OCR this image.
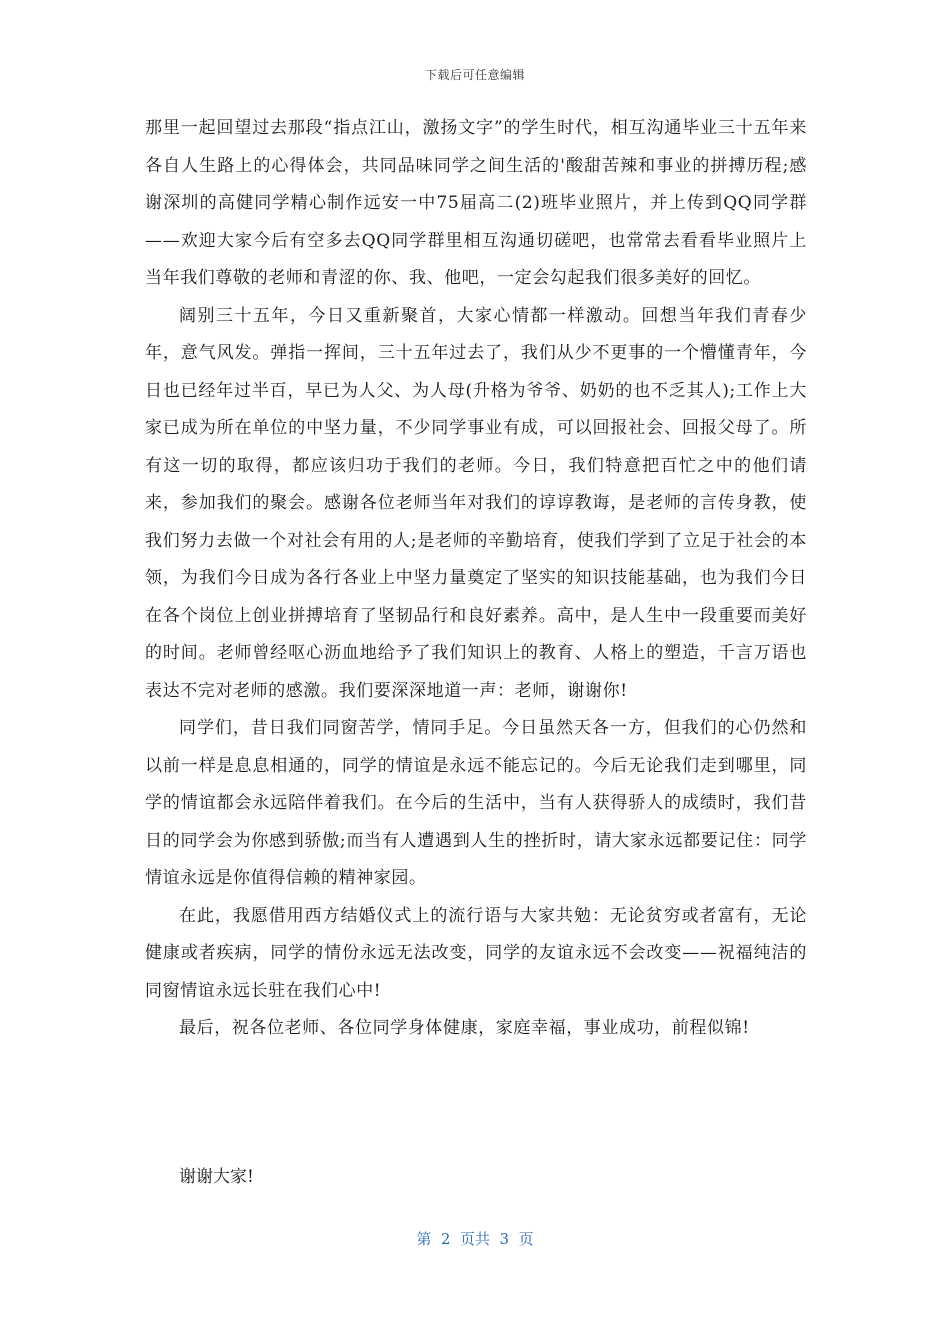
下载后可任意编辑

那里一起回望过去那段“指点江山，激扬文字”的学生时代，相互沟通毕业三十五年来各自人生路上的心得体会，共同品味同学之间生活的'酸甜苦辣和事业的拼搏历程;感谢深圳的高健同学精心制作远安一中75届高二(2)班毕业照片，并上传到QQ同学群——欢迎大家今后有空多去QQ同学群里相互沟通切磋吧，也常常去看看毕业照片上当年我们尊敬的老师和青涩的你、我、他吧，一定会勾起我们很多美好的回忆。

阔别三十五年，今日又重新聚首，大家心情都一样激动。回想当年我们青春少年，意气风发。弹指一挥间，三十五年过去了，我们从少不更事的一个懵懂青年，今日也已经年过半百，早已为人父、为人母(升格为爷爷、奶奶的也不乏其人);工作上大家已成为所在单位的中坚力量，不少同学事业有成，可以回报社会、回报父母了。所有这一切的取得，都应该归功于我们的老师。今日，我们特意把百忙之中的他们请来，参加我们的聚会。感谢各位老师当年对我们的谆谆教诲，是老师的言传身教，使我们努力去做一个对社会有用的人;是老师的辛勤培育，使我们学到了立足于社会的本领，为我们今日成为各行各业上中坚力量奠定了坚实的知识技能基础，也为我们今日在各个岗位上创业拼搏培育了坚韧品行和良好素养。高中，是人生中一段重要而美好的时间。老师曾经呕心沥血地给予了我们知识上的教育、人格上的塑造，千言万语也表达不完对老师的感激。我们要深深地道一声：老师，谢谢你!

同学们，昔日我们同窗苦学，情同手足。今日虽然天各一方，但我们的心仍然和以前一样是息息相通的，同学的情谊是永远不能忘记的。今后无论我们走到哪里，同学的情谊都会永远陪伴着我们。在今后的生活中，当有人获得骄人的成绩时，我们昔日的同学会为你感到骄傲;而当有人遭遇到人生的挫折时，请大家永远都要记住：同学情谊永远是你值得信赖的精神家园。

在此，我愿借用西方结婚仪式上的流行语与大家共勉：无论贫穷或者富有，无论健康或者疾病，同学的情份永远无法改变，同学的友谊永远不会改变——祝福纯洁的同窗情谊永远长驻在我们心中!

最后，祝各位老师、各位同学身体健康，家庭幸福，事业成功，前程似锦!

谢谢大家!
第  2  页共  3  页
